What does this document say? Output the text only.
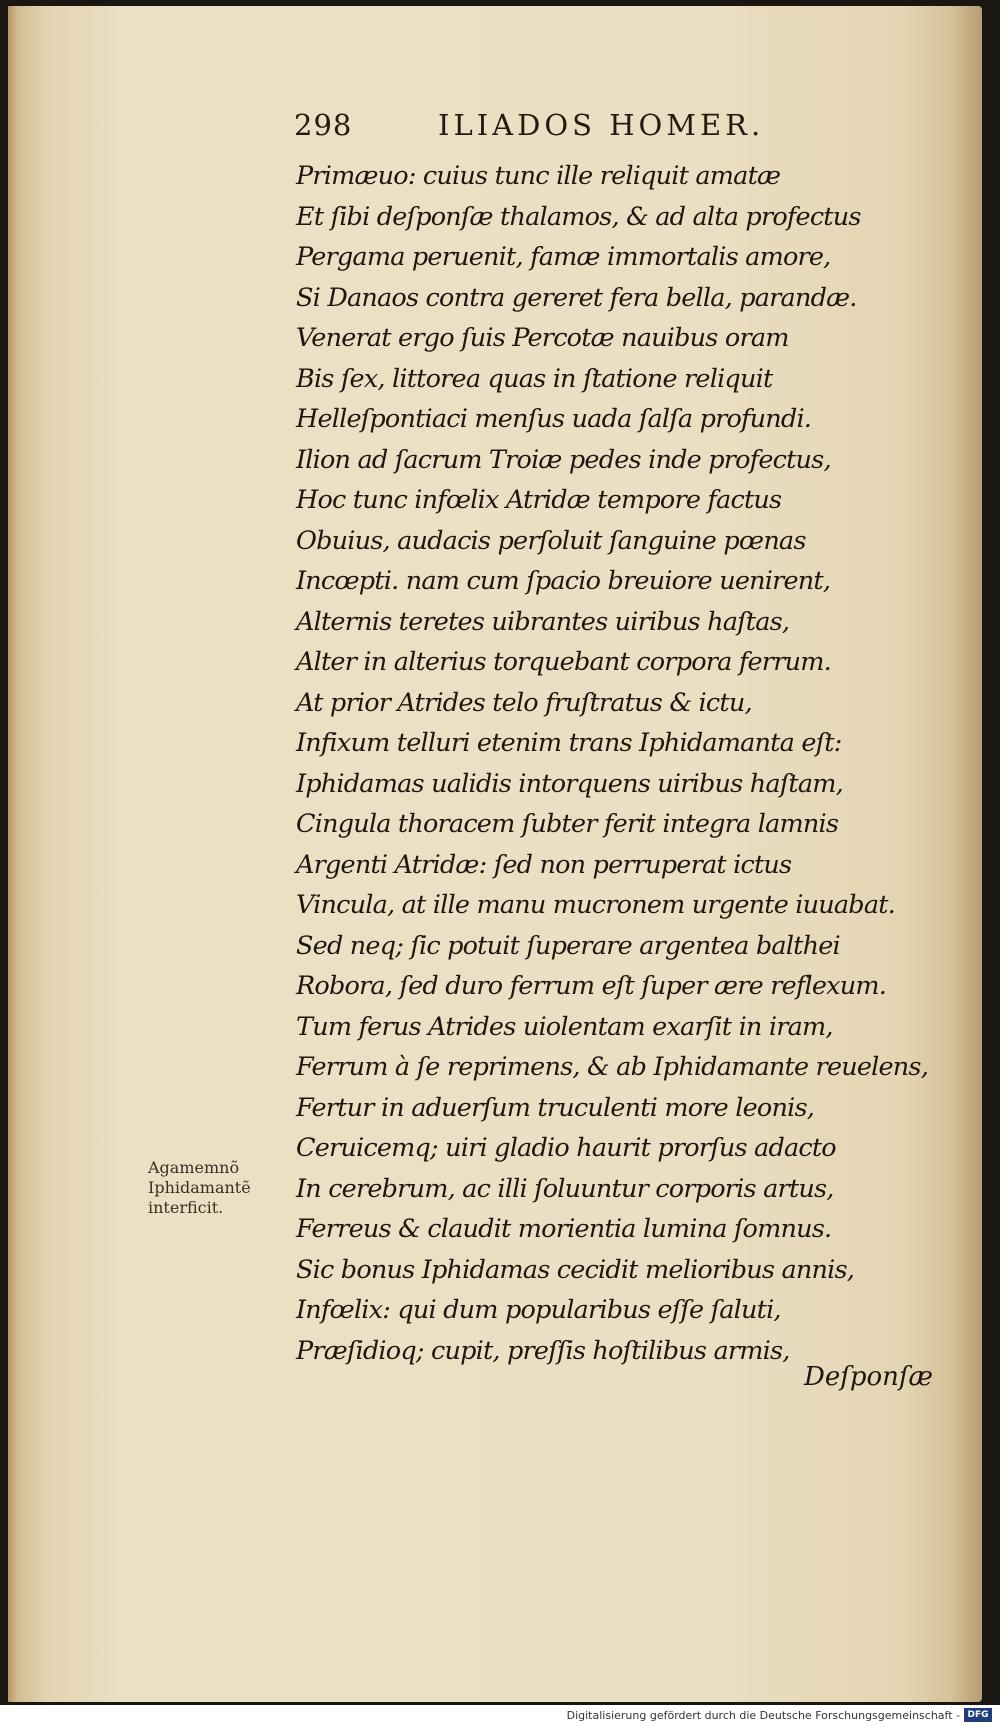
298	ILIADOS HOMER.
Primæuo: cuius tunc ille reliquit amatæ
Et ſibi deſponſæ thalamos, & ad alta profectus
Pergama peruenit, famæ immortalis amore,
Si Danaos contra gereret fera bella, parandæ.
Venerat ergo ſuis Percotæ nauibus oram
Bis ſex, littorea quas in ſtatione reliquit
Helleſpontiaci menſus uada ſalſa profundi.
Ilion ad ſacrum Troiæ pedes inde profectus,
Hoc tunc infœlix Atridæ tempore factus
Obuius, audacis perſoluit ſanguine pœnas
Incœpti. nam cum ſpacio breuiore uenirent,
Alternis teretes uibrantes uiribus haſtas,
Alter in alterius torquebant corpora ferrum.
At prior Atrides telo fruſtratus & ictu,
Infixum telluri etenim trans Iphidamanta eſt:
Iphidamas ualidis intorquens uiribus haſtam,
Cingula thoracem ſubter ferit integra lamnis
Argenti Atridæ: ſed non perruperat ictus
Vincula, at ille manu mucronem urgente iuuabat.
Sed neq; ſic potuit ſuperare argentea balthei
Robora, ſed duro ferrum eſt ſuper ære reflexum.
Tum ferus Atrides uiolentam exarſit in iram,
Ferrum à ſe reprimens, & ab Iphidamante reuelens,
Fertur in aduerſum truculenti more leonis,
Ceruicemq; uiri gladio haurit prorſus adacto
In cerebrum, ac illi ſoluuntur corporis artus,
Ferreus & claudit morientia lumina ſomnus.
Sic bonus Iphidamas cecidit melioribus annis,
Infœlix: qui dum popularibus eſſe ſaluti,
Præſidioq; cupit, preſſis hoſtilibus armis,
Agamemnõ
Iphidamantẽ
interficit.
Deſponſæ
Digitalisierung gefördert durch die Deutsche Forschungsgemeinschaft - DFG
